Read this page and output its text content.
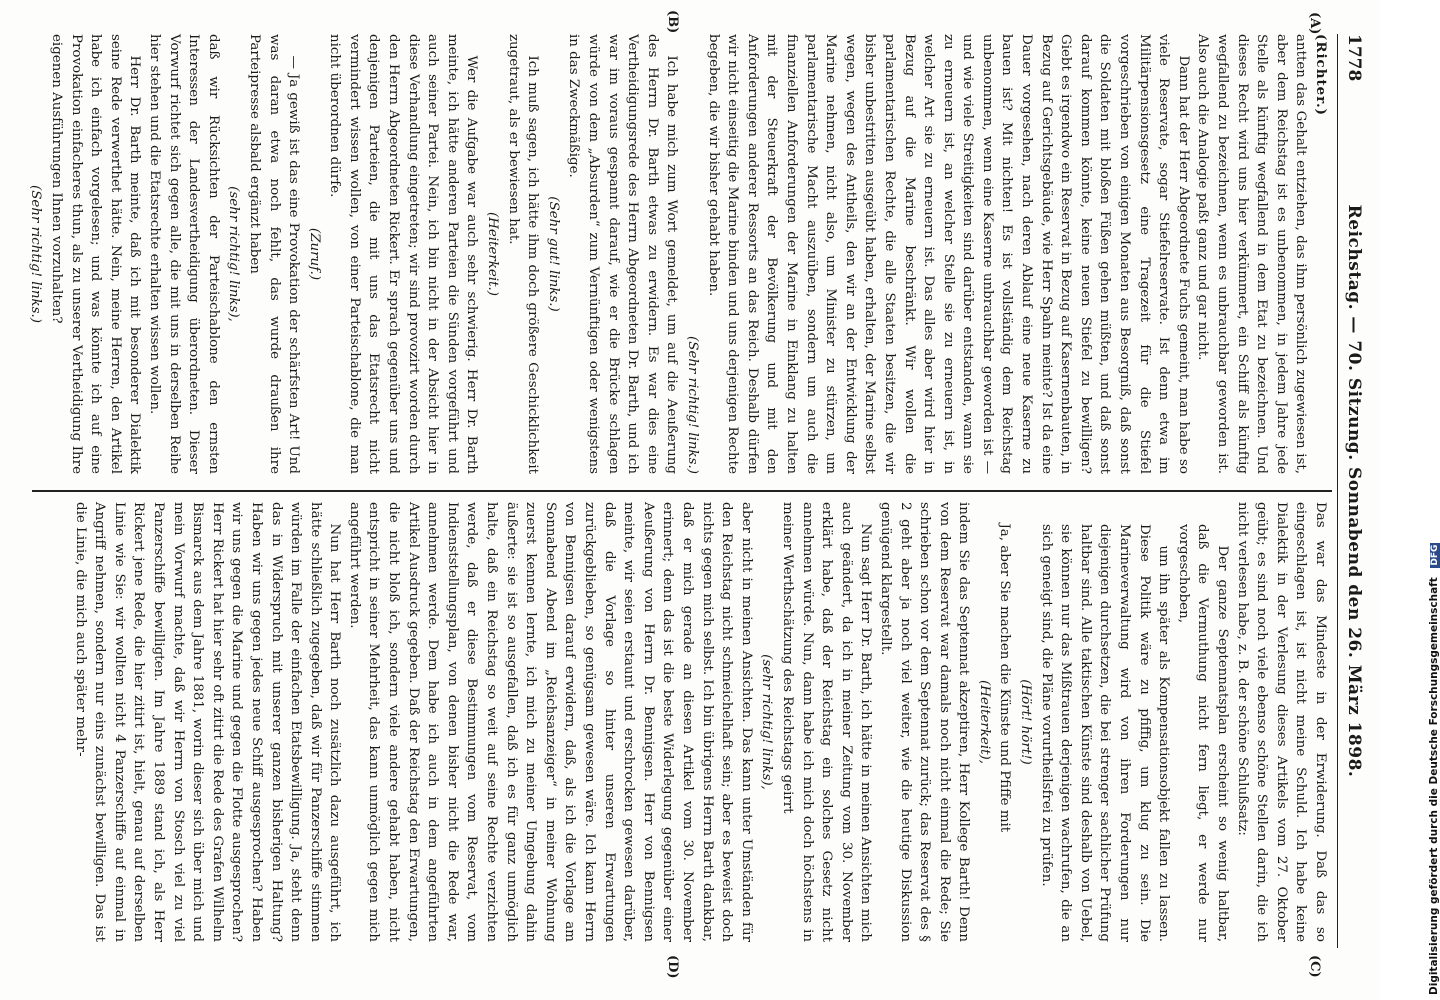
1778
Reichstag. — 70. Sitzung. Sonnabend den 26. März 1898.
(A)
(B)
(C)
(D)

(Richter.)

antten das Gehalt entziehen, das ihm persönlich zugewiesen ist, aber dem Reichstag ist es unbenommen, in jedem Jahre jede Stelle als künftig wegfallend in dem Etat zu bezeichnen. Und dieses Recht wird uns hier verkümmert, ein Schiff als künftig wegfallend zu bezeichnen, wenn es unbrauchbar geworden ist. Also auch die Analogie paßt ganz und gar nicht.

Dann hat der Herr Abgeordnete Fuchs gemeint, man habe so viele Reservate, sogar Stiefelreservate. Ist denn etwa im Militärpensionsgesetz eine Tragezeit für die Stiefel vorgeschrieben von einigen Monaten aus Besorgniß, daß sonst die Soldaten mit bloßen Füßen gehen müßten, und daß sonst darauf kommen könnte, keine neuen Stiefel zu bewilligen? Giebt es irgendwo ein Reservat in Bezug auf Kasernenbauten, in Bezug auf Gerichtsgebäude, wie Herr Spahn meinte? Ist da eine Dauer vorgesehen, nach deren Ablauf eine neue Kaserne zu bauen ist? Mit nichten! Es ist vollständig dem Reichstag unbenommen, wenn eine Kaserne unbrauchbar geworden ist — und wie viele Streitigkeiten sind darüber entstanden, wann sie zu erneuern ist, an welcher Stelle sie zu erneuern ist, in welcher Art sie zu erneuern ist. Das alles aber wird hier in Bezug auf die Marine beschränkt. Wir wollen die parlamentarischen Rechte, die alle Staaten besitzen, die wir bisher unbestritten ausgeübt haben, erhalten, der Marine selbst wegen, wegen des Antheils, den wir an der Entwicklung der Marine nehmen, nicht also, um Minister zu stürzen, um parlamentarische Macht auszuüben, sondern um auch die finanziellen Anforderungen der Marine in Einklang zu halten mit der Steuerkraft der Bevölkerung und mit den Anforderungen anderer Ressorts an das Reich. Deshalb dürfen wir nicht einseitig die Marine binden und uns derjenigen Rechte begeben, die wir bisher gehabt haben.

(Sehr richtig! links.)

Ich habe mich zum Wort gemeldet, um auf die Aeußerung des Herrn Dr. Barth etwas zu erwidern. Es war dies eine Vertheidigungsrede des Herrn Abgeordneten Dr. Barth, und ich war im voraus gespannt darauf, wie er die Brücke schlagen würde von dem „Absurden“ zum Vernünftigen oder wenigstens in das Zweckmäßige.

(Sehr gut! links.)

Ich muß sagen, ich hätte ihm doch größere Geschicklichkeit zugetraut, als er bewiesen hat.

(Heiterkeit.)

Wer die Aufgabe war auch sehr schwierig. Herr Dr. Barth meinte, ich hätte anderen Parteien die Sünden vorgeführt und auch seiner Partei. Nein, ich bin nicht in der Absicht hier in diese Verhandlung eingetreten; wir sind provozirt worden durch den Herrn Abgeordneten Rickert. Er sprach gegenüber uns und denjenigen Parteien, die mit uns das Etatsrecht nicht vermindert wissen wollen, von einer Parteischablone, die man nicht überordnen dürfe.

(Zuruf.)

— Ja gewiß ist das eine Provokation der schärfsten Art! Und was daran etwa noch fehlt, das wurde draußen ihre Parteipresse alsbald ergänzt haben

(sehr richtig! links),

daß wir Rücksichten der Parteischablone den ernsten Interessen der Landesvertheidigung überordneten. Dieser Vorwurf richtet sich gegen alle, die mit uns in derselben Reihe hier stehen und die Etatsrechte erhalten wissen wollen.

Herr Dr. Barth meinte, daß ich mit besonderer Dialektik seine Rede verwerthet hätte. Nein, meine Herren, den Artikel habe ich einfach vorgelesen; und was könnte ich auf eine Provokation einfacheres thun, als zu unserer Vertheidigung Ihre eigenen Ausführungen Ihnen vorzuhalten?

(Sehr richtig! links.)

Das war das Mindeste in der Erwiderung. Daß das so eingeschlagen ist, ist nicht meine Schuld. Ich habe keine Dialektik in der Verlesung dieses Artikels vom 27. Oktober geübt; es sind noch viele ebenso schöne Stellen darin, die ich nicht verlesen habe, z. B. der schöne Schlußsatz:

Der ganze Septennatsplan erscheint so wenig haltbar, daß die Vermuthung nicht fern liegt, er werde nur vorgeschoben,

um ihn später als Kompensationsobjekt fallen zu lassen. Diese Politik wäre zu pfiffig, um klug zu sein. Die Marineverwaltung wird von ihren Forderungen nur diejenigen durchsetzen, die bei strenger sachlicher Prüfung haltbar sind. Alle taktischen Künste sind deshalb von Uebel, sie können nur das Mißtrauen derjenigen wachrufen, die an sich geneigt sind, die Pläne vorurtheilsfrei zu prüfen.

(Hört! hört!)

Ja, aber Sie machen die Künste und Pfiffe mit

(Heiterkeit),

indem Sie das Septennat akzeptiren, Herr Kollege Barth! Denn von dem Reservat war damals noch nicht einmal die Rede; Sie schrieben schon vor dem Septennat zurück; das Reservat des § 2 geht aber ja noch viel weiter, wie die heutige Diskussion genügend klargestellt.

Nun sagt Herr Dr. Barth, ich hätte in meinen Ansichten mich auch geändert, da ich in meiner Zeitung vom 30. November erklärt habe, daß der Reichstag ein solches Gesetz nicht annehmen würde. Nun, dann habe ich mich doch höchstens in meiner Werthschätzung des Reichstags geirrt

(sehr richtig! links),

aber nicht in meinen Ansichten. Das kann unter Umständen für den Reichstag nicht schmeichelhaft sein; aber es beweist doch nichts gegen mich selbst. Ich bin übrigens Herrn Barth dankbar, daß er mich gerade an diesen Artikel vom 30. November erinnert; denn das ist die beste Widerlegung gegenüber einer Aeußerung von Herrn Dr. Bennigsen. Herr von Bennigsen meinte, wir seien erstaunt und erschrocken gewesen darüber, daß die Vorlage so hinter unseren Erwartungen zurückgeblieben, so genügsam gewesen wäre. Ich kann Herrn von Bennigsen darauf erwidern, daß, als ich die Vorlage am Sonnabend Abend im „Reichsanzeiger“ in meiner Wohnung zuerst kennen lernte, ich mich zu meiner Umgebung dahin äußerte: sie ist so ausgefallen, daß ich es für ganz unmöglich halte, daß ein Reichstag so weit auf seine Rechte verzichten werde, daß er diese Bestimmungen vom Reservat, vom Indienststellungsplan, von denen bisher nicht die Rede war, annehmen werde. Dem habe ich auch in dem angeführten Artikel Ausdruck gegeben. Daß der Reichstag den Erwartungen, die nicht bloß ich, sondern viele andere gehabt haben, nicht entspricht in seiner Mehrheit, das kann unmöglich gegen mich angeführt werden.

Nun hat Herr Barth noch zusätzlich dazu ausgeführt, ich hätte schließlich zugegeben, daß wir für Panzerschiffe stimmen würden im Falle der einfachen Etatsbewilligung. Ja, steht denn das in Widerspruch mit unserer ganzen bisherigen Haltung? Haben wir uns gegen jedes neue Schiff ausgesprochen? Haben wir uns gegen die Marine und gegen die Flotte ausgesprochen? Herr Rickert hat hier sehr oft zitirt die Rede des Grafen Wilhelm Bismarck aus dem Jahre 1881, worin dieser sich über mich und mein Vorwurf machte, daß wir Herrn von Stosch viel zu viel Panzerschiffe bewilligten. Im Jahre 1889 stand ich, als Herr Rickert jene Rede, die hier zitirt ist, hielt, genau auf derselben Linie wie Sie: wir wollten nicht 4 Panzerschiffe auf einmal in Angriff nehmen, sondern nur eins zunächst bewilligen. Das ist die Linie, die mich auch später mehr-	Digitalisierung gefördert durch die Deutsche Forschungsgemeinschaft DFG
